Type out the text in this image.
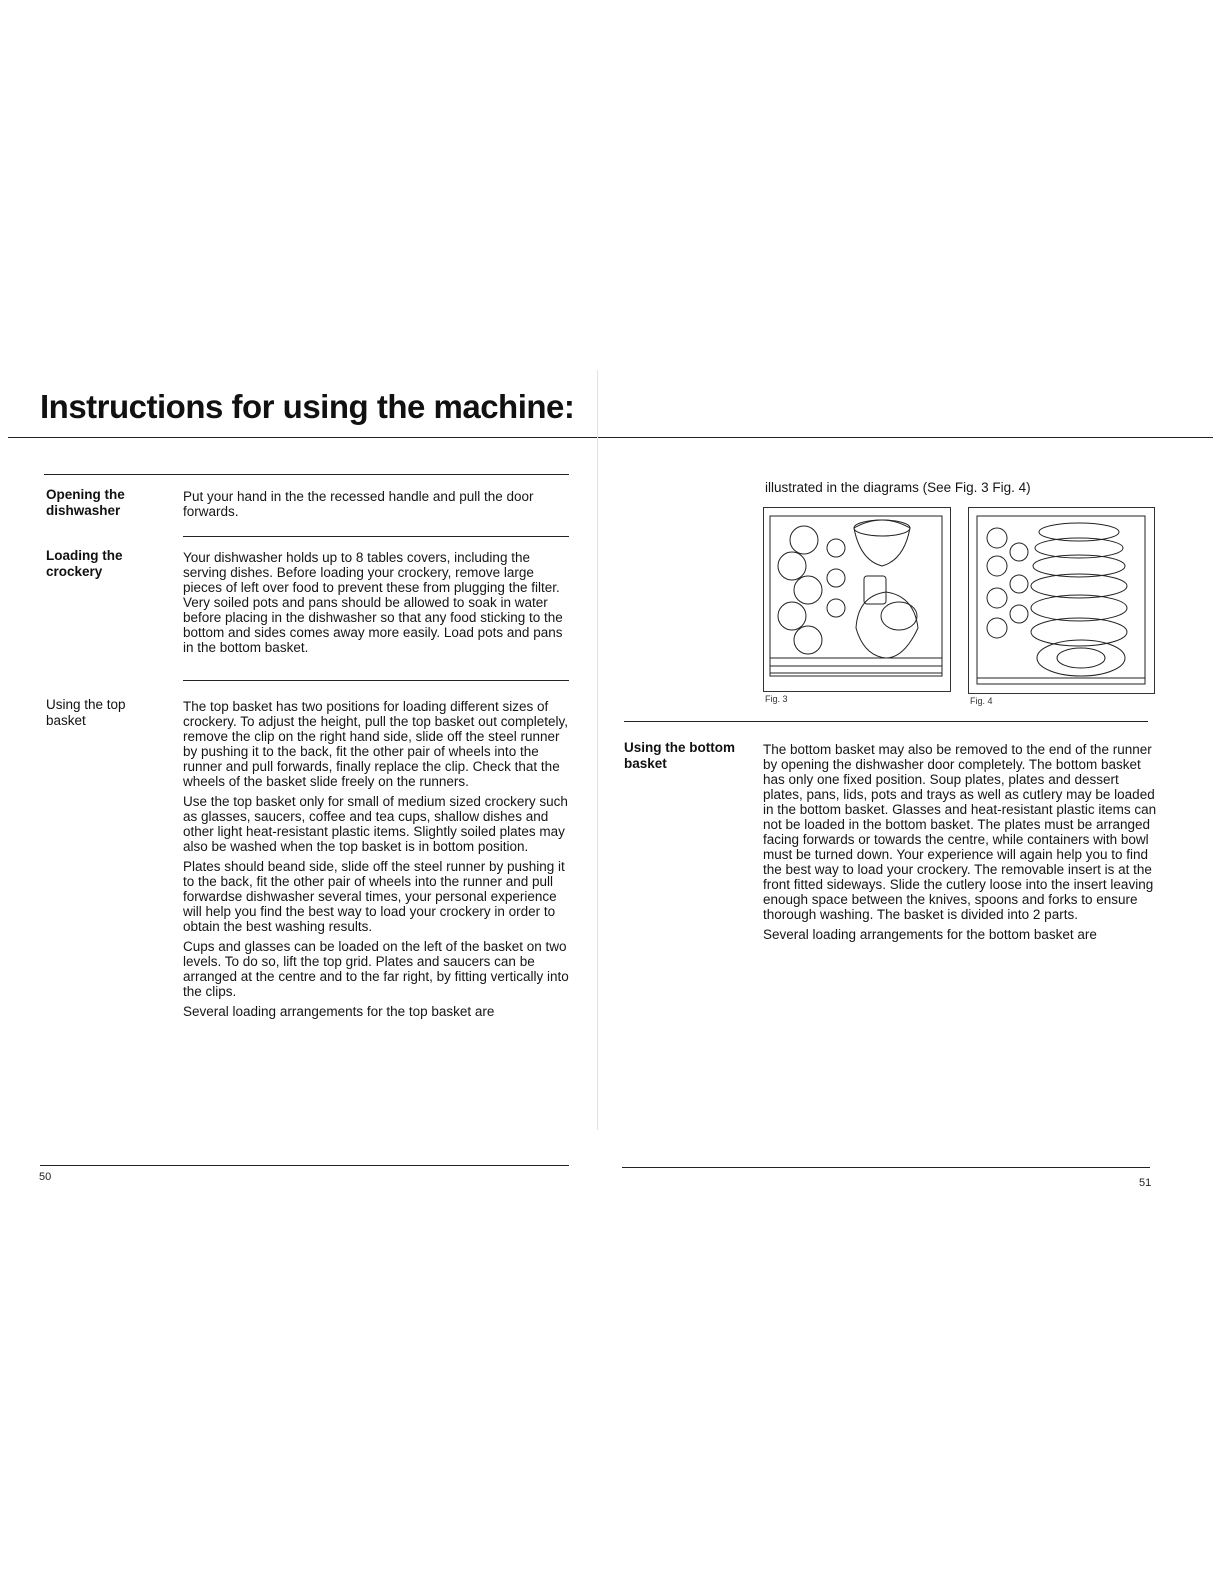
Instructions for using the machine:
Opening the
dishwasher

Put your hand in the the recessed handle and pull the door forwards.

Loading the
crockery

Your dishwasher holds up to 8 tables covers, including the serving dishes. Before loading your crockery, remove large pieces of left over food to prevent these from plugging the filter. Very soiled pots and pans should be allowed to soak in water before placing in the dishwasher so that any food sticking to the bottom and sides comes away more easily. Load pots and pans in the bottom basket.

Using the top
basket

The top basket has two positions for loading different sizes of crockery. To adjust the height, pull the top basket out completely, remove the clip on the right hand side, slide off the steel runner by pushing it to the back, fit the other pair of wheels into the runner and pull forwards, finally replace the clip. Check that the wheels of the basket slide freely on the runners.

Use the top basket only for small of medium sized crockery such as glasses, saucers, coffee and tea cups, shallow dishes and other light heat-resistant plastic items. Slightly soiled plates may also be washed when the top basket is in bottom position.

Plates should beand side, slide off the steel runner by pushing it to the back, fit the other pair of wheels into the runner and pull forwardse dishwasher several times, your personal experience will help you find the best way to load your crockery in order to obtain the best washing results.

Cups and glasses can be loaded on the left of the basket on two levels. To do so, lift the top grid. Plates and saucers can be arranged at the centre and to the far right, by fitting vertically into the clips.

Several loading arrangements for the top basket are

50
illustrated in the diagrams (See Fig. 3 Fig. 4)
Fig. 3	Fig. 4
Using the bottom
basket

The bottom basket may also be removed to the end of the runner by opening the dishwasher door completely. The bottom basket has only one fixed position. Soup plates, plates and dessert plates, pans, lids, pots and trays as well as cutlery may be loaded in the bottom basket. Glasses and heat-resistant plastic items can not be loaded in the bottom basket. The plates must be arranged facing forwards or towards the centre, while containers with bowl must be turned down. Your experience will again help you to find the best way to load your crockery. The removable insert is at the front fitted sideways. Slide the cutlery loose into the insert leaving enough space between the knives, spoons and forks to ensure thorough washing. The basket is divided into 2 parts.

Several loading arrangements for the bottom basket are

51
